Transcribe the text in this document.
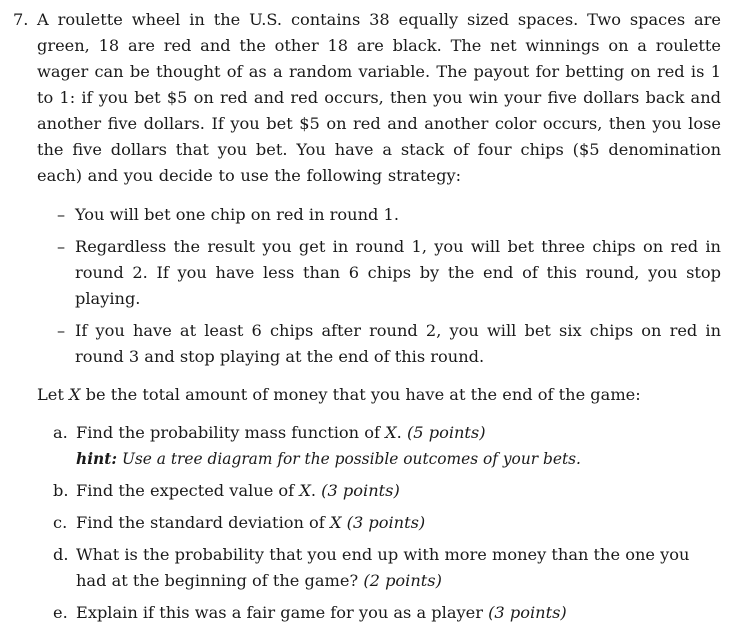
7. A roulette wheel in the U.S. contains 38 equally sized spaces. Two spaces are green, 18 are red and the other 18 are black. The net winnings on a roulette wager can be thought of as a random variable. The payout for betting on red is 1 to 1: if you bet $5 on red and red occurs, then you win your five dollars back and another five dollars. If you bet $5 on red and another color occurs, then you lose the five dollars that you bet. You have a stack of four chips ($5 denomination each) and you decide to use the following strategy:
– You will bet one chip on red in round 1.
– Regardless the result you get in round 1, you will bet three chips on red in round 2. If you have less than 6 chips by the end of this round, you stop playing.
– If you have at least 6 chips after round 2, you will bet six chips on red in round 3 and stop playing at the end of this round.
Let X be the total amount of money that you have at the end of the game:
a. Find the probability mass function of X. (5 points)
hint: Use a tree diagram for the possible outcomes of your bets.
b. Find the expected value of X. (3 points)
c. Find the standard deviation of X (3 points)
d. What is the probability that you end up with more money than the one you had at the beginning of the game? (2 points)
e. Explain if this was a fair game for you as a player (3 points)
